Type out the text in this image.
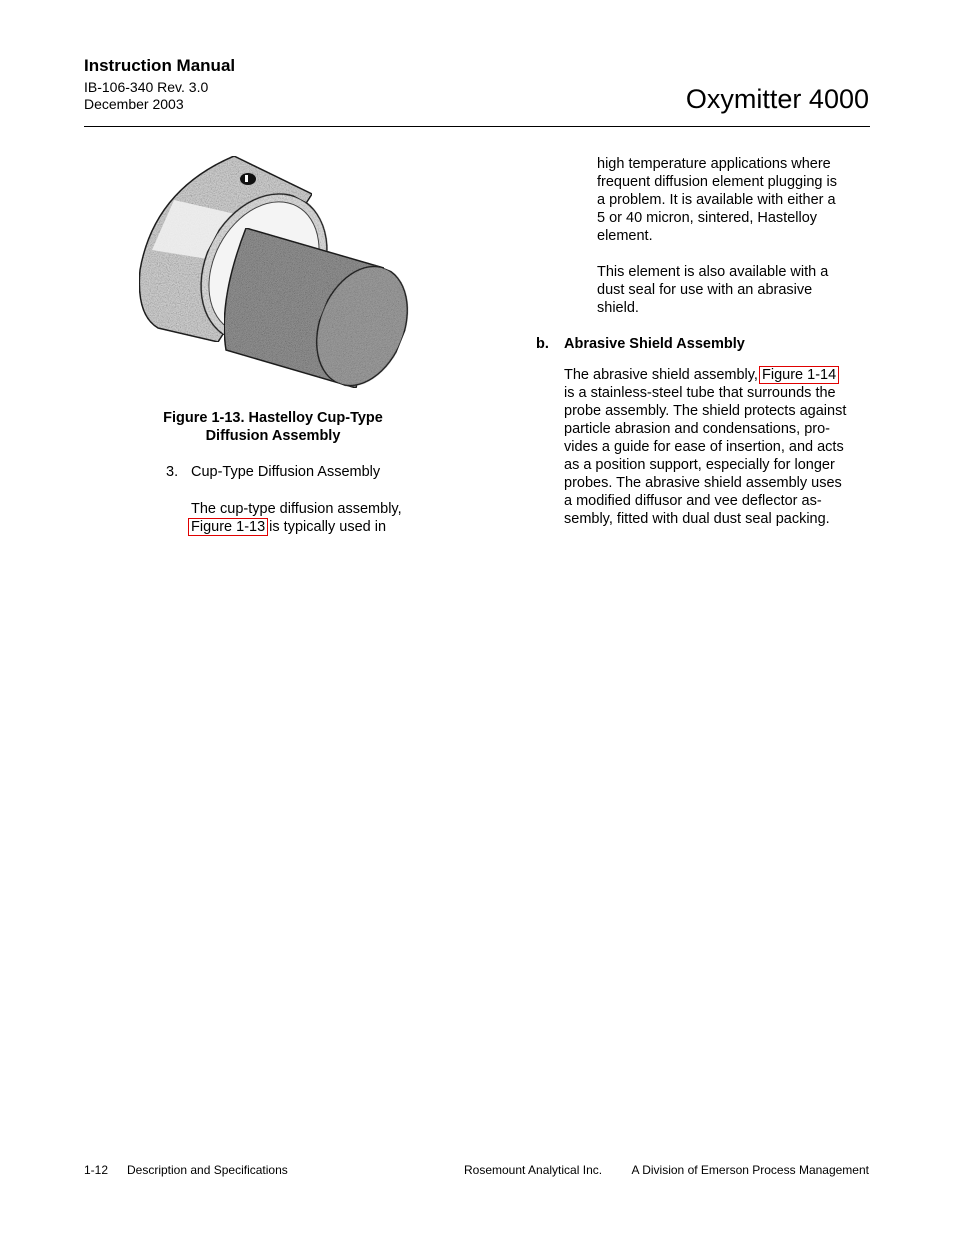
Instruction Manual
IB-106-340 Rev. 3.0
December 2003	Oxymitter 4000
Figure 1-13. Hastelloy Cup-Type
Diffusion Assembly
3. Cup-Type Diffusion Assembly
The cup-type diffusion assembly,
Figure 1-13 is typically used in
high temperature applications where
frequent diffusion element plugging is
a problem. It is available with either a
5 or 40 micron, sintered, Hastelloy
element.
This element is also available with a
dust seal for use with an abrasive
shield.
b. Abrasive Shield Assembly
The abrasive shield assembly, Figure 1-14
is a stainless-steel tube that surrounds the
probe assembly. The shield protects against
particle abrasion and condensations, pro-
vides a guide for ease of insertion, and acts
as a position support, especially for longer
probes. The abrasive shield assembly uses
a modified diffusor and vee deflector as-
sembly, fitted with dual dust seal packing.
1-12 Description and Specifications	Rosemount Analytical Inc. A Division of Emerson Process Management
